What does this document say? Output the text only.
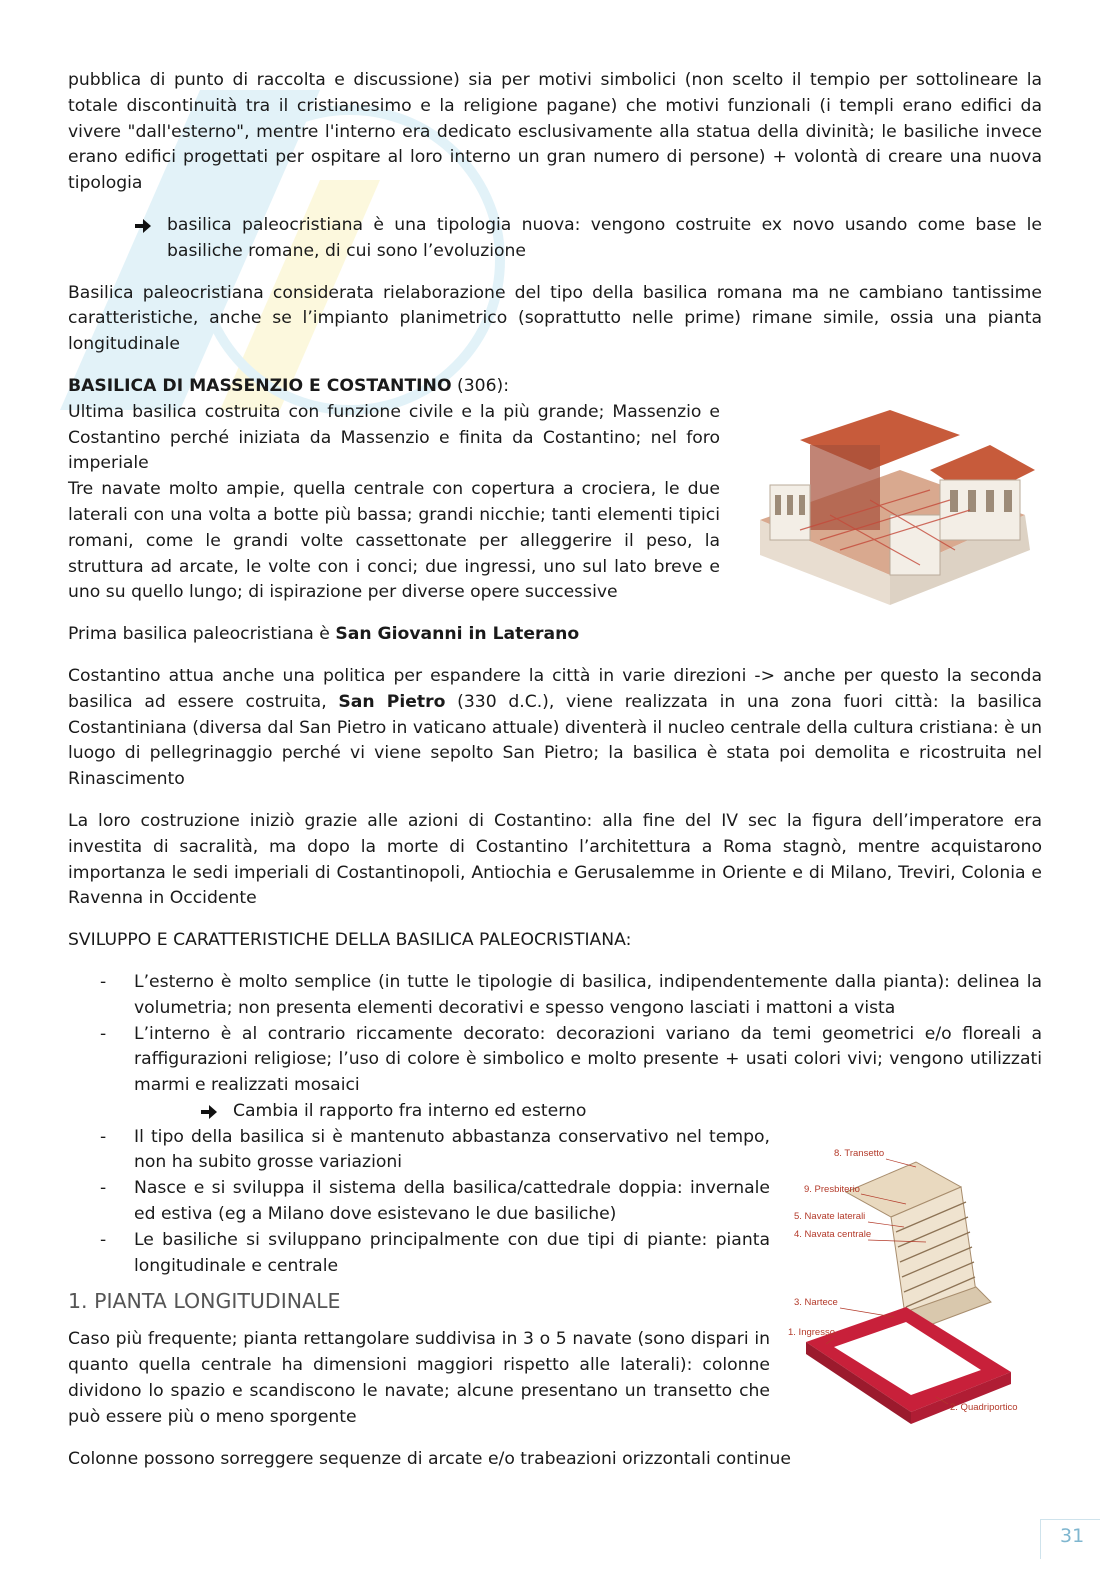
pubblica di punto di raccolta e discussione) sia per motivi simbolici (non scelto il tempio per sottolineare la totale discontinuità tra il cristianesimo e la religione pagane) che motivi funzionali (i templi erano edifici da vivere "dall'esterno", mentre l'interno era dedicato esclusivamente alla statua della divinità; le basiliche invece erano edifici progettati per ospitare al loro interno un gran numero di persone) + volontà di creare una nuova tipologia

basilica paleocristiana è una tipologia nuova: vengono costruite ex novo usando come base le basiliche romane, di cui sono l’evoluzione

Basilica paleocristiana considerata rielaborazione del tipo della basilica romana ma ne cambiano tantissime caratteristiche, anche se l’impianto planimetrico (soprattutto nelle prime) rimane simile, ossia una pianta longitudinale

BASILICA DI MASSENZIO E COSTANTINO (306):
Ultima basilica costruita con funzione civile e la più grande; Massenzio e Costantino perché iniziata da Massenzio e finita da Costantino; nel foro imperiale
Tre navate molto ampie, quella centrale con copertura a crociera, le due laterali con una volta a botte più bassa; grandi nicchie; tanti elementi tipici romani, come le grandi volte cassettonate per alleggerire il peso, la struttura ad arcate, le volte con i conci; due ingressi, uno sul lato breve e uno su quello lungo; di ispirazione per diverse opere successive

Prima basilica paleocristiana è San Giovanni in Laterano

Costantino attua anche una politica per espandere la città in varie direzioni -> anche per questo la seconda basilica ad essere costruita, San Pietro (330 d.C.), viene realizzata in una zona fuori città: la basilica Costantiniana (diversa dal San Pietro in vaticano attuale) diventerà il nucleo centrale della cultura cristiana: è un luogo di pellegrinaggio perché vi viene sepolto San Pietro; la basilica è stata poi demolita e ricostruita nel Rinascimento

La loro costruzione iniziò grazie alle azioni di Costantino: alla fine del IV sec la figura dell’imperatore era investita di sacralità, ma dopo la morte di Costantino l’architettura a Roma stagnò, mentre acquistarono importanza le sedi imperiali di Costantinopoli, Antiochia e Gerusalemme in Oriente e di Milano, Treviri, Colonia e Ravenna in Occidente

SVILUPPO E CARATTERISTICHE DELLA BASILICA PALEOCRISTIANA:

- L’esterno è molto semplice (in tutte le tipologie di basilica, indipendentemente dalla pianta): delinea la volumetria; non presenta elementi decorativi e spesso vengono lasciati i mattoni a vista
- L’interno è al contrario riccamente decorato: decorazioni variano da temi geometrici e/o floreali a raffigurazioni religiose; l’uso di colore è simbolico e molto presente + usati colori vivi; vengono utilizzati marmi e realizzati mosaici
Cambia il rapporto fra interno ed esterno
- Il tipo della basilica si è mantenuto abbastanza conservativo nel tempo, non ha subito grosse variazioni
- Nasce e si sviluppa il sistema della basilica/cattedrale doppia: invernale ed estiva (eg a Milano dove esistevano le due basiliche)
- Le basiliche si sviluppano principalmente con due tipi di piante: pianta longitudinale e centrale
1. PIANTA LONGITUDINALE

Caso più frequente; pianta rettangolare suddivisa in 3 o 5 navate (sono dispari in quanto quella centrale ha dimensioni maggiori rispetto alle laterali): colonne dividono lo spazio e scandiscono le navate; alcune presentano un transetto che può essere più o meno sporgente

Colonne possono sorreggere sequenze di arcate e/o trabeazioni orizzontali continue

8. Transetto
9. Presbiterio
5. Navate laterali
4. Navata centrale
3. Nartece
1. Ingresso
2. Quadriportico
31
